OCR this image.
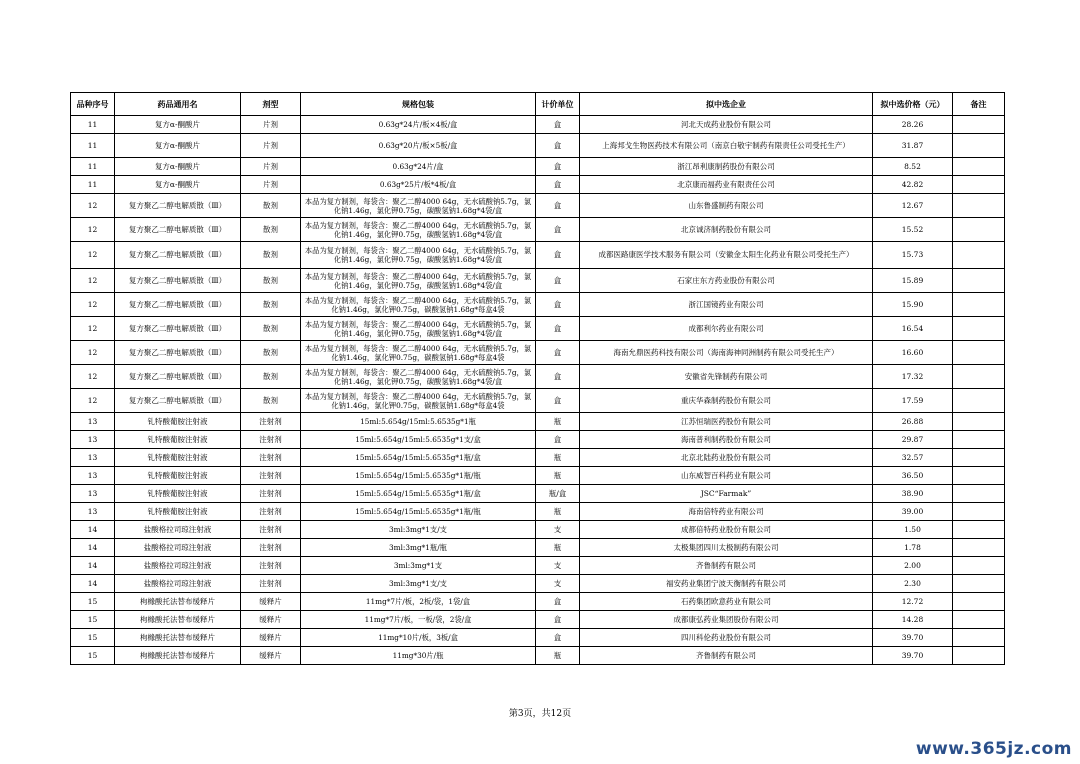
品种序号	药品通用名	剂型	规格包装	计价单位	拟中选企业	拟中选价格（元）	备注
11	复方α-酮酸片	片剂	0.63g*24片/板×4板/盒	盒	河北天成药业股份有限公司	28.26	
11	复方α-酮酸片	片剂	0.63g*20片/板×5板/盒	盒	上海邦戈生物医药技术有限公司（南京白敬宇制药有限责任公司受托生产）	31.87	
11	复方α-酮酸片	片剂	0.63g*24片/盒	盒	浙江昂利康制药股份有限公司	8.52	
11	复方α-酮酸片	片剂	0.63g*25片/板*4板/盒	盒	北京康而福药业有限责任公司	42.82	
12	复方聚乙二醇电解质散（Ⅲ）	散剂	本品为复方制剂，每袋含：聚乙二醇4000 64g，无水硫酸钠5.7g，氯化钠1.46g，氯化钾0.75g，碳酸氢钠1.68g*4袋/盒	盒	山东鲁盛制药有限公司	12.67	
12	复方聚乙二醇电解质散（Ⅲ）	散剂	本品为复方制剂，每袋含：聚乙二醇4000 64g，无水硫酸钠5.7g，氯化钠1.46g，氯化钾0.75g，碳酸氢钠1.68g*4袋/盒	盒	北京诚济制药股份有限公司	15.52	
12	复方聚乙二醇电解质散（Ⅲ）	散剂	本品为复方制剂，每袋含：聚乙二醇4000 64g，无水硫酸钠5.7g，氯化钠1.46g，氯化钾0.75g，碳酸氢钠1.68g*4袋/盒	盒	成都医路康医学技术服务有限公司（安徽金太阳生化药业有限公司受托生产）	15.73	
12	复方聚乙二醇电解质散（Ⅲ）	散剂	本品为复方制剂，每袋含：聚乙二醇4000 64g，无水硫酸钠5.7g，氯化钠1.46g，氯化钾0.75g，碳酸氢钠1.68g*4袋/盒	盒	石家庄东方药业股份有限公司	15.89	
12	复方聚乙二醇电解质散（Ⅲ）	散剂	本品为复方制剂，每袋含：聚乙二醇4000 64g，无水硫酸钠5.7g，氯化钠1.46g，氯化钾0.75g，碳酸氢钠1.68g*每盒4袋	盒	浙江国镜药业有限公司	15.90	
12	复方聚乙二醇电解质散（Ⅲ）	散剂	本品为复方制剂，每袋含：聚乙二醇4000 64g，无水硫酸钠5.7g，氯化钠1.46g，氯化钾0.75g，碳酸氢钠1.68g*4袋/盒	盒	成都利尔药业有限公司	16.54	
12	复方聚乙二醇电解质散（Ⅲ）	散剂	本品为复方制剂，每袋含：聚乙二醇4000 64g，无水硫酸钠5.7g，氯化钠1.46g，氯化钾0.75g，碳酸氢钠1.68g*每盒4袋	盒	海南允鼎医药科技有限公司（海南海神同洲制药有限公司受托生产）	16.60	
12	复方聚乙二醇电解质散（Ⅲ）	散剂	本品为复方制剂，每袋含：聚乙二醇4000 64g，无水硫酸钠5.7g，氯化钠1.46g，氯化钾0.75g，碳酸氢钠1.68g*4袋/盒	盒	安徽省先锋制药有限公司	17.32	
12	复方聚乙二醇电解质散（Ⅲ）	散剂	本品为复方制剂，每袋含：聚乙二醇4000 64g，无水硫酸钠5.7g，氯化钠1.46g，氯化钾0.75g，碳酸氢钠1.68g*每盒4袋	盒	重庆华森制药股份有限公司	17.59	
13	钆特酸葡胺注射液	注射剂	15ml:5.654g/15ml:5.6535g*1瓶	瓶	江苏恒瑞医药股份有限公司	26.88	
13	钆特酸葡胺注射液	注射剂	15ml:5.654g/15ml:5.6535g*1支/盒	盒	海南普利制药股份有限公司	29.87	
13	钆特酸葡胺注射液	注射剂	15ml:5.654g/15ml:5.6535g*1瓶/盒	瓶	北京北陆药业股份有限公司	32.57	
13	钆特酸葡胺注射液	注射剂	15ml:5.654g/15ml:5.6535g*1瓶/瓶	瓶	山东威智百科药业有限公司	36.50	
13	钆特酸葡胺注射液	注射剂	15ml:5.654g/15ml:5.6535g*1瓶/盒	瓶/盒	JSC“Farmak”	38.90	
13	钆特酸葡胺注射液	注射剂	15ml:5.654g/15ml:5.6535g*1瓶/瓶	瓶	海南倍特药业有限公司	39.00	
14	盐酸格拉司琼注射液	注射剂	3ml:3mg*1支/支	支	成都倍特药业股份有限公司	1.50	
14	盐酸格拉司琼注射液	注射剂	3ml:3mg*1瓶/瓶	瓶	太极集团四川太极制药有限公司	1.78	
14	盐酸格拉司琼注射液	注射剂	3ml:3mg*1支	支	齐鲁制药有限公司	2.00	
14	盐酸格拉司琼注射液	注射剂	3ml:3mg*1支/支	支	福安药业集团宁波天衡制药有限公司	2.30	
15	枸橼酸托法替布缓释片	缓释片	11mg*7片/板，2板/袋，1袋/盒	盒	石药集团欧意药业有限公司	12.72	
15	枸橼酸托法替布缓释片	缓释片	11mg*7片/板，一板/袋，2袋/盒	盒	成都康弘药业集团股份有限公司	14.28	
15	枸橼酸托法替布缓释片	缓释片	11mg*10片/板，3板/盒	盒	四川科伦药业股份有限公司	39.70	
15	枸橼酸托法替布缓释片	缓释片	11mg*30片/瓶	瓶	齐鲁制药有限公司	39.70	
第3页，共12页
www.365jz.com
